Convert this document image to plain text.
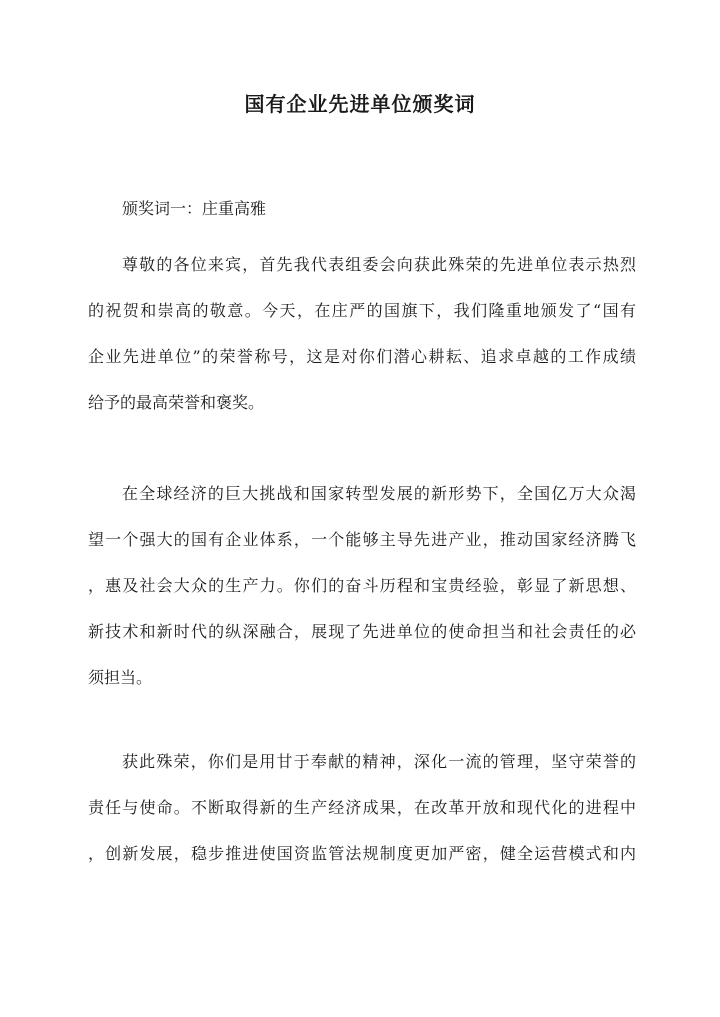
国有企业先进单位颁奖词

颁奖词一：庄重高雅

尊敬的各位来宾，首先我代表组委会向获此殊荣的先进单位表示热烈
的祝贺和崇高的敬意。今天，在庄严的国旗下，我们隆重地颁发了“国有
企业先进单位”的荣誉称号，这是对你们潜心耕耘、追求卓越的工作成绩
给予的最高荣誉和褒奖。
在全球经济的巨大挑战和国家转型发展的新形势下，全国亿万大众渴
望一个强大的国有企业体系，一个能够主导先进产业，推动国家经济腾飞
，惠及社会大众的生产力。你们的奋斗历程和宝贵经验，彰显了新思想、
新技术和新时代的纵深融合，展现了先进单位的使命担当和社会责任的必
须担当。
获此殊荣，你们是用甘于奉献的精神，深化一流的管理，坚守荣誉的
责任与使命。不断取得新的生产经济成果，在改革开放和现代化的进程中
，创新发展，稳步推进使国资监管法规制度更加严密，健全运营模式和内
